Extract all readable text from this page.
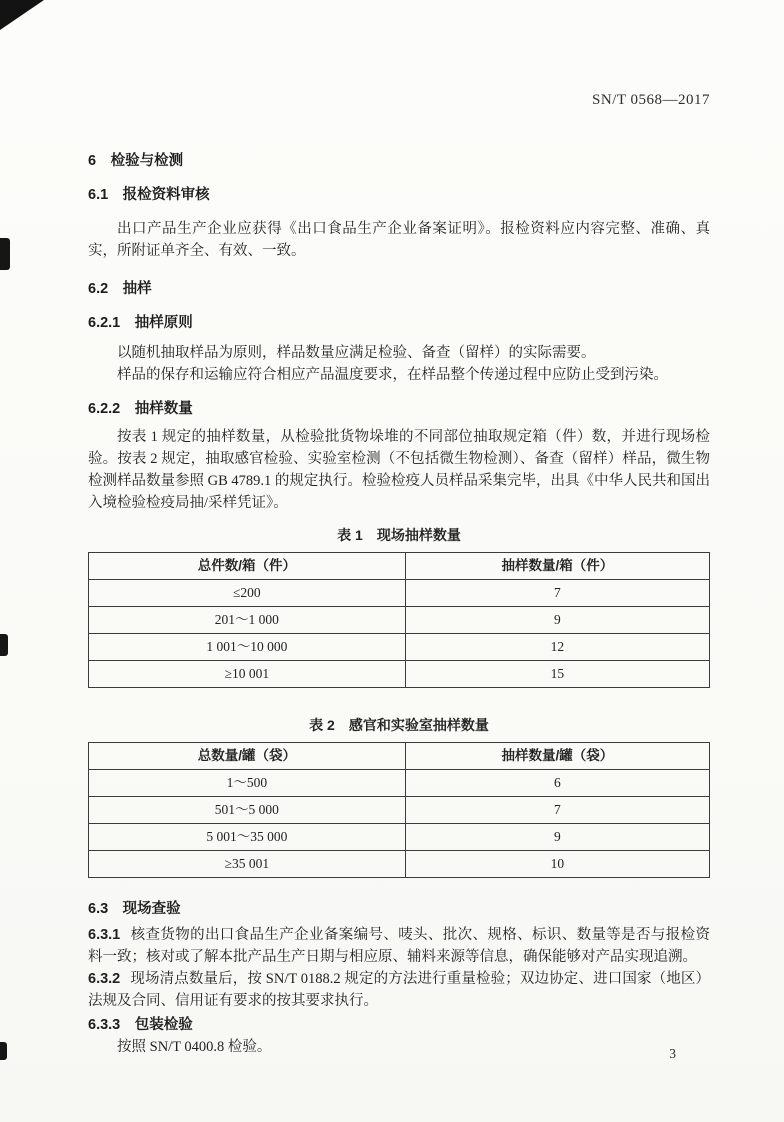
SN/T 0568—2017
6　检验与检测
6.1　报检资料审核

出口产品生产企业应获得《出口食品生产企业备案证明》。报检资料应内容完整、准确、真实，所附证单齐全、有效、一致。

6.2　抽样
6.2.1　抽样原则

以随机抽取样品为原则，样品数量应满足检验、备查（留样）的实际需要。

样品的保存和运输应符合相应产品温度要求，在样品整个传递过程中应防止受到污染。

6.2.2　抽样数量

按表 1 规定的抽样数量，从检验批货物垛堆的不同部位抽取规定箱（件）数，并进行现场检验。按表 2 规定，抽取感官检验、实验室检测（不包括微生物检测）、备查（留样）样品，微生物检测样品数量参照 GB 4789.1 的规定执行。检验检疫人员样品采集完毕，出具《中华人民共和国出入境检验检疫局抽/采样凭证》。

表 1　现场抽样数量
总件数/箱（件）	抽样数量/箱（件）
≤200	7
201～1 000	9
1 001～10 000	12
≥10 001	15
表 2　感官和实验室抽样数量
总数量/罐（袋）	抽样数量/罐（袋）
1～500	6
501～5 000	7
5 001～35 000	9
≥35 001	10
6.3　现场查验

6.3.1 核查货物的出口食品生产企业备案编号、唛头、批次、规格、标识、数量等是否与报检资料一致；核对或了解本批产品生产日期与相应原、辅料来源等信息，确保能够对产品实现追溯。

6.3.2 现场清点数量后，按 SN/T 0188.2 规定的方法进行重量检验；双边协定、进口国家（地区）法规及合同、信用证有要求的按其要求执行。

6.3.3　包装检验

按照 SN/T 0400.8 检验。	3
